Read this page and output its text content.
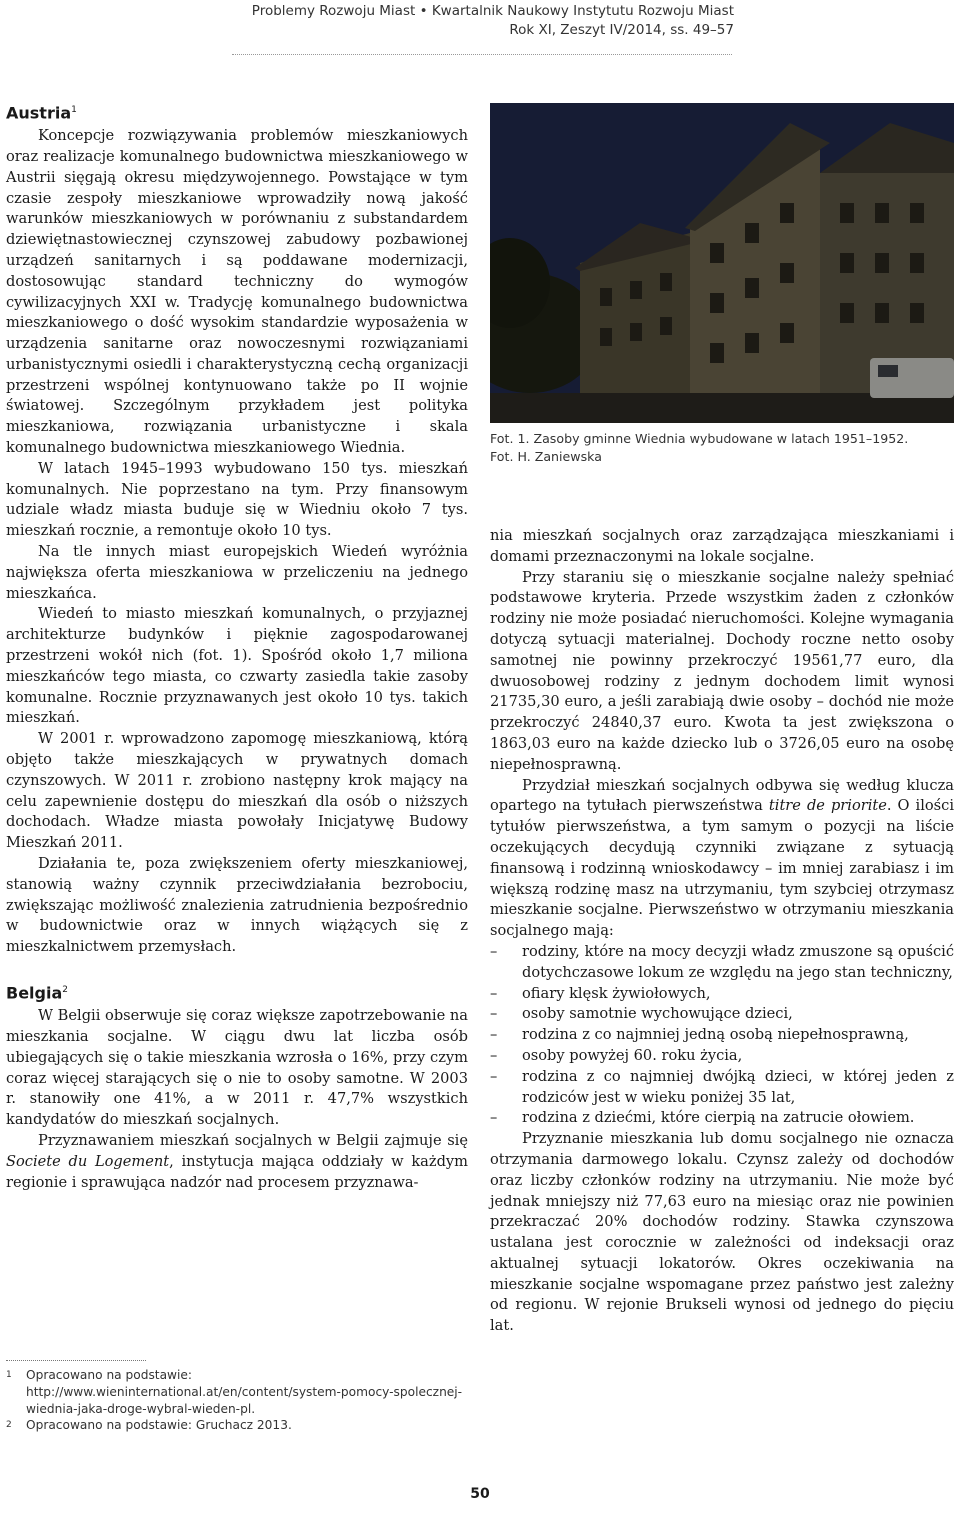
Problemy Rozwoju Miast • Kwartalnik Naukowy Instytutu Rozwoju Miast
Rok XI, Zeszyt IV/2014, ss. 49–57
Austria$^1$

Koncepcje rozwiązywania problemów mieszkaniowych oraz realizacje komunalnego budownictwa mieszkaniowego w Austrii sięgają okresu międzywojennego. Powstające w tym czasie zespoły mieszkaniowe wprowadziły nową jakość warunków mieszkaniowych w porównaniu z substandardem dziewiętnastowiecznej czynszowej zabudowy pozbawionej urządzeń sanitarnych i są poddawane modernizacji, dostosowując standard techniczny do wymogów cywilizacyjnych XXI w. Tradycję komunalnego budownictwa mieszkaniowego o dość wysokim standardzie wyposażenia w urządzenia sanitarne oraz nowoczesnymi rozwiązaniami urbanistycznymi osiedli i charakterystyczną cechą organizacji przestrzeni wspólnej kontynuowano także po II wojnie światowej. Szczególnym przykładem jest polityka mieszkaniowa, rozwiązania urbanistyczne i skala komunalnego budownictwa mieszkaniowego Wiednia.

W latach 1945–1993 wybudowano 150 tys. mieszkań komunalnych. Nie poprzestano na tym. Przy finansowym udziale władz miasta buduje się w Wiedniu około 7 tys. mieszkań rocznie, a remontuje około 10 tys.

Na tle innych miast europejskich Wiedeń wyróżnia największa oferta mieszkaniowa w przeliczeniu na jednego mieszkańca.

Wiedeń to miasto mieszkań komunalnych, o przyjaznej architekturze budynków i pięknie zagospodarowanej przestrzeni wokół nich (fot. 1). Spośród około 1,7 miliona mieszkańców tego miasta, co czwarty zasiedla takie zasoby komunalne. Rocznie przyznawanych jest około 10 tys. takich mieszkań.

W 2001 r. wprowadzono zapomogę mieszkaniową, którą objęto także mieszkających w prywatnych domach czynszowych. W 2011 r. zrobiono następny krok mający na celu zapewnienie dostępu do mieszkań dla osób o niższych dochodach. Władze miasta powołały Inicjatywę Budowy Mieszkań 2011.

Działania te, poza zwiększeniem oferty mieszkaniowej, stanowią ważny czynnik przeciwdziałania bezrobociu, zwiększając możliwość znalezienia zatrudnienia bezpośrednio w budownictwie oraz w innych wiążących się z mieszkalnictwem przemysłach.

Belgia$^2$

W Belgii obserwuje się coraz większe zapotrzebowanie na mieszkania socjalne. W ciągu dwu lat liczba osób ubiegających się o takie mieszkania wzrosła o 16%, przy czym coraz więcej starających się o nie to osoby samotne. W 2003 r. stanowiły one 41%, a w 2011 r. 47,7% wszystkich kandydatów do mieszkań socjalnych.

Przyznawaniem mieszkań socjalnych w Belgii zajmuje się Societe du Logement, instytucja mająca oddziały w każdym regionie i sprawująca nadzór nad procesem przyznawa-

Fot. 1. Zasoby gminne Wiednia wybudowane w latach 1951–1952.
Fot. H. Zaniewska

nia mieszkań socjalnych oraz zarządzająca mieszkaniami i domami przeznaczonymi na lokale socjalne.

Przy staraniu się o mieszkanie socjalne należy spełniać podstawowe kryteria. Przede wszystkim żaden z członków rodziny nie może posiadać nieruchomości. Kolejne wymagania dotyczą sytuacji materialnej. Dochody roczne netto osoby samotnej nie powinny przekroczyć 19561,77 euro, dla dwuosobowej rodziny z jednym dochodem limit wynosi 21735,30 euro, a jeśli zarabiają dwie osoby – dochód nie może przekroczyć 24840,37 euro. Kwota ta jest zwiększona o 1863,03 euro na każde dziecko lub o 3726,05 euro na osobę niepełnosprawną.

Przydział mieszkań socjalnych odbywa się według klucza opartego na tytułach pierwszeństwa titre de priorite. O ilości tytułów pierwszeństwa, a tym samym o pozycji na liście oczekujących decydują czynniki związane z sytuacją finansową i rodzinną wnioskodawcy – im mniej zarabiasz i im większą rodzinę masz na utrzymaniu, tym szybciej otrzymasz mieszkanie socjalne. Pierwszeństwo w otrzymaniu mieszkania socjalnego mają:

– rodziny, które na mocy decyzji władz zmuszone są opuścić dotychczasowe lokum ze względu na jego stan techniczny,
– ofiary klęsk żywiołowych,
– osoby samotnie wychowujące dzieci,
– rodzina z co najmniej jedną osobą niepełnosprawną,
– osoby powyżej 60. roku życia,
– rodzina z co najmniej dwójką dzieci, w której jeden z rodziców jest w wieku poniżej 35 lat,
– rodzina z dziećmi, które cierpią na zatrucie ołowiem.

Przyznanie mieszkania lub domu socjalnego nie oznacza otrzymania darmowego lokalu. Czynsz zależy od dochodów oraz liczby członków rodziny na utrzymaniu. Nie może być jednak mniejszy niż 77,63 euro na miesiąc oraz nie powinien przekraczać 20% dochodów rodziny. Stawka czynszowa ustalana jest corocznie w zależności od indeksacji oraz aktualnej sytuacji lokatorów. Okres oczekiwania na mieszkanie socjalne wspomagane przez państwo jest zależny od regionu. W rejonie Brukseli wynosi od jednego do pięciu lat.

1 Opracowano na podstawie: http://www.wieninternational.at/en/content/system-pomocy-spolecznej-wiednia-jaka-droge-wybral-wieden-pl.
2 Opracowano na podstawie: Gruchacz 2013.
50
